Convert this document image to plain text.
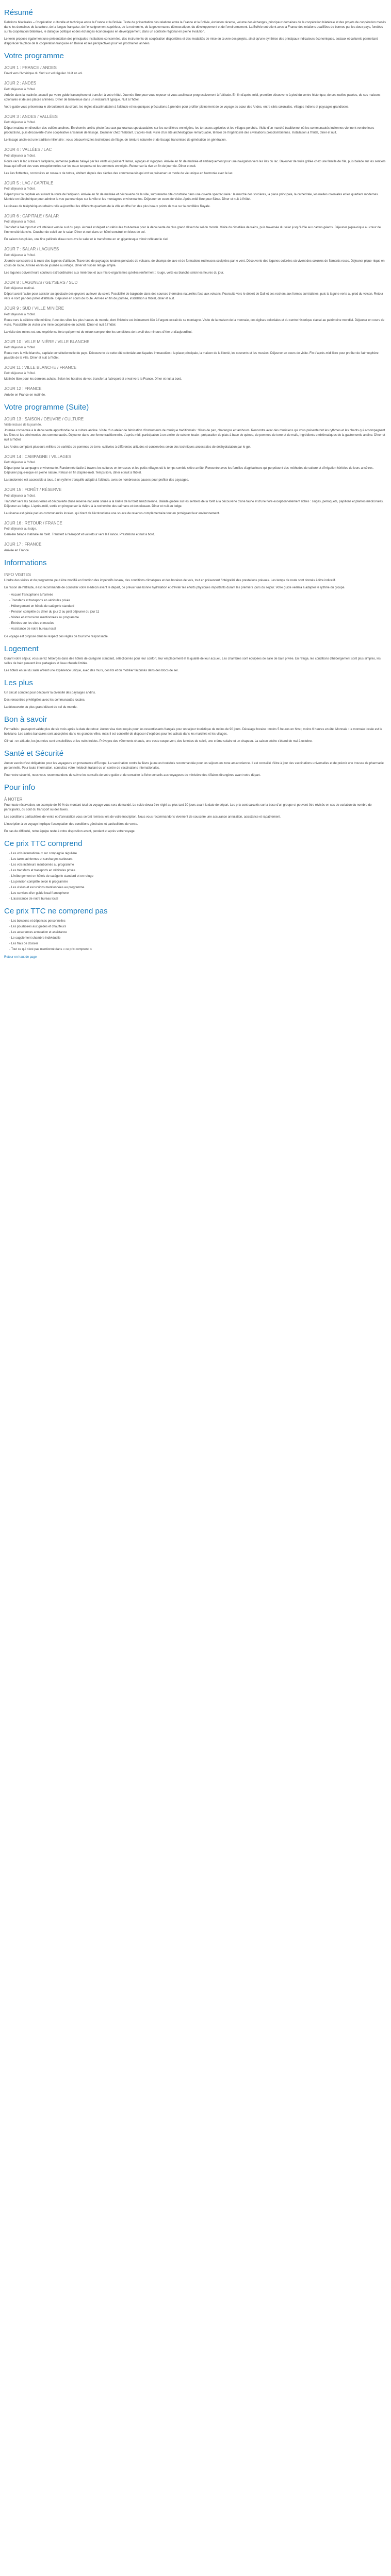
Résumé

Relations bilatérales – Coopération culturelle et technique entre la France et la Bolivie. Texte de présentation des relations entre la France et la Bolivie, évolution récente, volume des échanges, principaux domaines de la coopération bilatérale et des projets de coopération menés dans les domaines de la culture, de la langue française, de l'enseignement supérieur, de la recherche, de la gouvernance démocratique, du développement et de l'environnement. La Bolivie entretient avec la France des relations qualifiées de bonnes par les deux pays, fondées sur la coopération bilatérale, le dialogue politique et des échanges économiques en développement, dans un contexte régional en pleine évolution.

Le texte propose également une présentation des principales institutions concernées, des instruments de coopération disponibles et des modalités de mise en œuvre des projets, ainsi qu'une synthèse des principaux indicateurs économiques, sociaux et culturels permettant d'apprécier la place de la coopération française en Bolivie et ses perspectives pour les prochaines années.

Votre programme
JOUR 1 : FRANCE / ANDES

Envol vers l'Amérique du Sud sur vol régulier. Nuit en vol.

JOUR 2 : ANDES
Petit déjeuner à l'hôtel.

Arrivée dans la matinée, accueil par votre guide francophone et transfert à votre hôtel. Journée libre pour vous reposer et vous acclimater progressivement à l'altitude. En fin d'après-midi, première découverte à pied du centre historique, de ses ruelles pavées, de ses maisons coloniales et de ses places animées. Dîner de bienvenue dans un restaurant typique. Nuit à l'hôtel.

Votre guide vous présentera le déroulement du circuit, les règles d'acclimatation à l'altitude et les quelques précautions à prendre pour profiter pleinement de ce voyage au cœur des Andes, entre cités coloniales, villages indiens et paysages grandioses.

JOUR 3 : ANDES / VALLÉES
Petit déjeuner à l'hôtel.

Départ matinal en direction des vallées andines. En chemin, arrêts photo face aux panoramas spectaculaires sur les cordillères enneigées, les terrasses agricoles et les villages perchés. Visite d'un marché traditionnel où les communautés indiennes viennent vendre leurs productions, puis découverte d'une coopérative artisanale de tissage. Déjeuner chez l'habitant. L'après-midi, visite d'un site archéologique remarquable, témoin de l'ingéniosité des civilisations précolombiennes. Installation à l'hôtel, dîner et nuit.

Le tissage andin est une tradition millénaire : vous découvrirez les techniques de filage, de teinture naturelle et de tissage transmises de génération en génération.

JOUR 4 : VALLÉES / LAC
Petit déjeuner à l'hôtel.

Route vers le lac à travers l'altiplano, immense plateau balayé par les vents où paissent lamas, alpagas et vigognes. Arrivée en fin de matinée et embarquement pour une navigation vers les îles du lac. Déjeuner de truite grillée chez une famille de l'île, puis balade sur les sentiers incas qui offrent des vues exceptionnelles sur les eaux turquoise et les sommets enneigés. Retour sur la rive en fin de journée. Dîner et nuit.

Les îles flottantes, construites en roseaux de totora, abritent depuis des siècles des communautés qui ont su préserver un mode de vie unique en harmonie avec le lac.

JOUR 5 : LAC / CAPITALE
Petit déjeuner à l'hôtel.

Départ pour la capitale en suivant la route de l'altiplano. Arrivée en fin de matinée et découverte de la ville, surprenante cité construite dans une cuvette spectaculaire : le marché des sorcières, la place principale, la cathédrale, les ruelles coloniales et les quartiers modernes. Montée en téléphérique pour admirer la vue panoramique sur la ville et les montagnes environnantes. Déjeuner en cours de visite. Après-midi libre pour flâner. Dîner et nuit à l'hôtel.

Le réseau de téléphériques urbains relie aujourd'hui les différents quartiers de la ville et offre l'un des plus beaux points de vue sur la cordillère Royale.

JOUR 6 : CAPITALE / SALAR
Petit déjeuner à l'hôtel.

Transfert à l'aéroport et vol intérieur vers le sud du pays. Accueil et départ en véhicules tout-terrain pour la découverte du plus grand désert de sel du monde. Visite du cimetière de trains, puis traversée du salar jusqu'à l'île aux cactus géants. Déjeuner pique-nique au cœur de l'immensité blanche. Coucher de soleil sur le salar. Dîner et nuit dans un hôtel construit en blocs de sel.

En saison des pluies, une fine pellicule d'eau recouvre le salar et le transforme en un gigantesque miroir reflétant le ciel.

JOUR 7 : SALAR / LAGUNES
Petit déjeuner à l'hôtel.

Journée consacrée à la route des lagunes d'altitude. Traversée de paysages lunaires ponctués de volcans, de champs de lave et de formations rocheuses sculptées par le vent. Découverte des lagunes colorées où vivent des colonies de flamants roses. Déjeuner pique-nique en cours de route. Arrivée en fin de journée au refuge. Dîner et nuit en refuge simple.

Les lagunes doivent leurs couleurs extraordinaires aux minéraux et aux micro-organismes qu'elles renferment : rouge, verte ou blanche selon les heures du jour.

JOUR 8 : LAGUNES / GEYSERS / SUD
Petit déjeuner matinal.

Départ avant l'aube pour assister au spectacle des geysers au lever du soleil. Possibilité de baignade dans des sources thermales naturelles face aux volcans. Poursuite vers le désert de Dali et ses rochers aux formes surréalistes, puis la lagune verte au pied du volcan. Retour vers le nord par des pistes d'altitude. Déjeuner en cours de route. Arrivée en fin de journée, installation à l'hôtel, dîner et nuit.

JOUR 9 : SUD / VILLE MINIÈRE
Petit déjeuner à l'hôtel.

Route vers la célèbre ville minière, l'une des villes les plus hautes du monde, dont l'histoire est intimement liée à l'argent extrait de sa montagne. Visite de la maison de la monnaie, des églises coloniales et du centre historique classé au patrimoine mondial. Déjeuner en cours de visite. Possibilité de visiter une mine coopérative en activité. Dîner et nuit à l'hôtel.

La visite des mines est une expérience forte qui permet de mieux comprendre les conditions de travail des mineurs d'hier et d'aujourd'hui.

JOUR 10 : VILLE MINIÈRE / VILLE BLANCHE
Petit déjeuner à l'hôtel.

Route vers la ville blanche, capitale constitutionnelle du pays. Découverte de cette cité coloniale aux façades immaculées : la place principale, la maison de la liberté, les couvents et les musées. Déjeuner en cours de visite. Fin d'après-midi libre pour profiter de l'atmosphère paisible de la ville. Dîner et nuit à l'hôtel.

JOUR 11 : VILLE BLANCHE / FRANCE
Petit déjeuner à l'hôtel.

Matinée libre pour les derniers achats. Selon les horaires de vol, transfert à l'aéroport et envol vers la France. Dîner et nuit à bord.

JOUR 12 : FRANCE

Arrivée en France en matinée.

Votre programme (Suite)
JOUR 13 : SAISON / OEUVRE / CULTURE
Visite incluse de la journée.

Journée consacrée à la découverte approfondie de la culture andine. Visite d'un atelier de fabrication d'instruments de musique traditionnels : flûtes de pan, charangos et tambours. Rencontre avec des musiciens qui vous présenteront les rythmes et les chants qui accompagnent les fêtes et les cérémonies des communautés. Déjeuner dans une ferme traditionnelle. L'après-midi, participation à un atelier de cuisine locale : préparation de plats à base de quinoa, de pommes de terre et de maïs, ingrédients emblématiques de la gastronomie andine. Dîner et nuit à l'hôtel.

Les Andes comptent plusieurs milliers de variétés de pommes de terre, cultivées à différentes altitudes et conservées selon des techniques ancestrales de déshydratation par le gel.

JOUR 14 : CAMPAGNE / VILLAGES
Petit déjeuner à l'hôtel.

Départ pour la campagne environnante. Randonnée facile à travers les cultures en terrasses et les petits villages où le temps semble s'être arrêté. Rencontre avec les familles d'agriculteurs qui perpétuent des méthodes de culture et d'irrigation héritées de leurs ancêtres. Déjeuner pique-nique en pleine nature. Retour en fin d'après-midi. Temps libre, dîner et nuit à l'hôtel.

La randonnée est accessible à tous, à un rythme tranquille adapté à l'altitude, avec de nombreuses pauses pour profiter des paysages.

JOUR 15 : FORÊT / RÉSERVE
Petit déjeuner à l'hôtel.

Transfert vers les basses terres et découverte d'une réserve naturelle située à la lisière de la forêt amazonienne. Balade guidée sur les sentiers de la forêt à la découverte d'une faune et d'une flore exceptionnellement riches : singes, perroquets, papillons et plantes médicinales. Déjeuner au lodge. L'après-midi, sortie en pirogue sur la rivière à la recherche des caïmans et des oiseaux. Dîner et nuit au lodge.

La réserve est gérée par les communautés locales, qui tirent de l'écotourisme une source de revenus complémentaire tout en protégeant leur environnement.

JOUR 16 : RETOUR / FRANCE
Petit déjeuner au lodge.

Dernière balade matinale en forêt. Transfert à l'aéroport et vol retour vers la France. Prestations et nuit à bord.

JOUR 17 : FRANCE

Arrivée en France.

Informations
INFO VISITES

L'ordre des visites et du programme peut être modifié en fonction des impératifs locaux, des conditions climatiques et des horaires de vols, tout en préservant l'intégralité des prestations prévues. Les temps de route sont donnés à titre indicatif.

En raison de l'altitude, il est recommandé de consulter votre médecin avant le départ, de prévoir une bonne hydratation et d'éviter les efforts physiques importants durant les premiers jours du séjour. Votre guide veillera à adapter le rythme du groupe.

- Accueil francophone à l'arrivée
- Transferts et transports en véhicules privés
- Hébergement en hôtels de catégorie standard
- Pension complète du dîner du jour 2 au petit déjeuner du jour 11
- Visites et excursions mentionnées au programme
- Entrées sur les sites et musées
- Assistance de notre bureau local

Ce voyage est proposé dans le respect des règles de tourisme responsable.

Logement

Durant votre séjour, vous serez hébergés dans des hôtels de catégorie standard, sélectionnés pour leur confort, leur emplacement et la qualité de leur accueil. Les chambres sont équipées de salle de bain privée. En refuge, les conditions d'hébergement sont plus simples, les salles de bain peuvent être partagées et l'eau chaude limitée.

Les hôtels en sel du salar offrent une expérience unique, avec des murs, des lits et du mobilier façonnés dans des blocs de sel.

Les plus

Un circuit complet pour découvrir la diversité des paysages andins.

Des rencontres privilégiées avec les communautés locales.

La découverte du plus grand désert de sel du monde.

Bon à savoir

Formalités : passeport valide plus de six mois après la date de retour. Aucun visa n'est requis pour les ressortissants français pour un séjour touristique de moins de 90 jours. Décalage horaire : moins 5 heures en hiver, moins 6 heures en été. Monnaie : la monnaie locale est le boliviano. Les cartes bancaires sont acceptées dans les grandes villes, mais il est conseillé de disposer d'espèces pour les achats dans les marchés et les villages.

Climat : en altitude, les journées sont ensoleillées et les nuits froides. Prévoyez des vêtements chauds, une veste coupe-vent, des lunettes de soleil, une crème solaire et un chapeau. La saison sèche s'étend de mai à octobre.

Santé et Sécurité

Aucun vaccin n'est obligatoire pour les voyageurs en provenance d'Europe. La vaccination contre la fièvre jaune est toutefois recommandée pour les séjours en zone amazonienne. Il est conseillé d'être à jour des vaccinations universelles et de prévoir une trousse de pharmacie personnelle. Pour toute information, consultez votre médecin traitant ou un centre de vaccinations internationales.

Pour votre sécurité, nous vous recommandons de suivre les conseils de votre guide et de consulter la fiche conseils aux voyageurs du ministère des Affaires étrangères avant votre départ.

Pour info
À NOTER

Pour toute réservation, un acompte de 30 % du montant total du voyage vous sera demandé. Le solde devra être réglé au plus tard 30 jours avant la date de départ. Les prix sont calculés sur la base d'un groupe et peuvent être révisés en cas de variation du nombre de participants, du coût du transport ou des taxes.

Les conditions particulières de vente et d'annulation vous seront remises lors de votre inscription. Nous vous recommandons vivement de souscrire une assurance annulation, assistance et rapatriement.

L'inscription à ce voyage implique l'acceptation des conditions générales et particulières de vente.

En cas de difficulté, notre équipe reste à votre disposition avant, pendant et après votre voyage.

Ce prix TTC comprend
- Les vols internationaux sur compagnie régulière
- Les taxes aériennes et surcharges carburant
- Les vols intérieurs mentionnés au programme
- Les transferts et transports en véhicules privés
- L'hébergement en hôtels de catégorie standard et en refuge
- La pension complète selon le programme
- Les visites et excursions mentionnées au programme
- Les services d'un guide local francophone
- L'assistance de notre bureau local
Ce prix TTC ne comprend pas
- Les boissons et dépenses personnelles
- Les pourboires aux guides et chauffeurs
- Les assurances annulation et assistance
- Le supplément chambre individuelle
- Les frais de dossier
- Tout ce qui n'est pas mentionné dans « ce prix comprend »

Retour en haut de page
